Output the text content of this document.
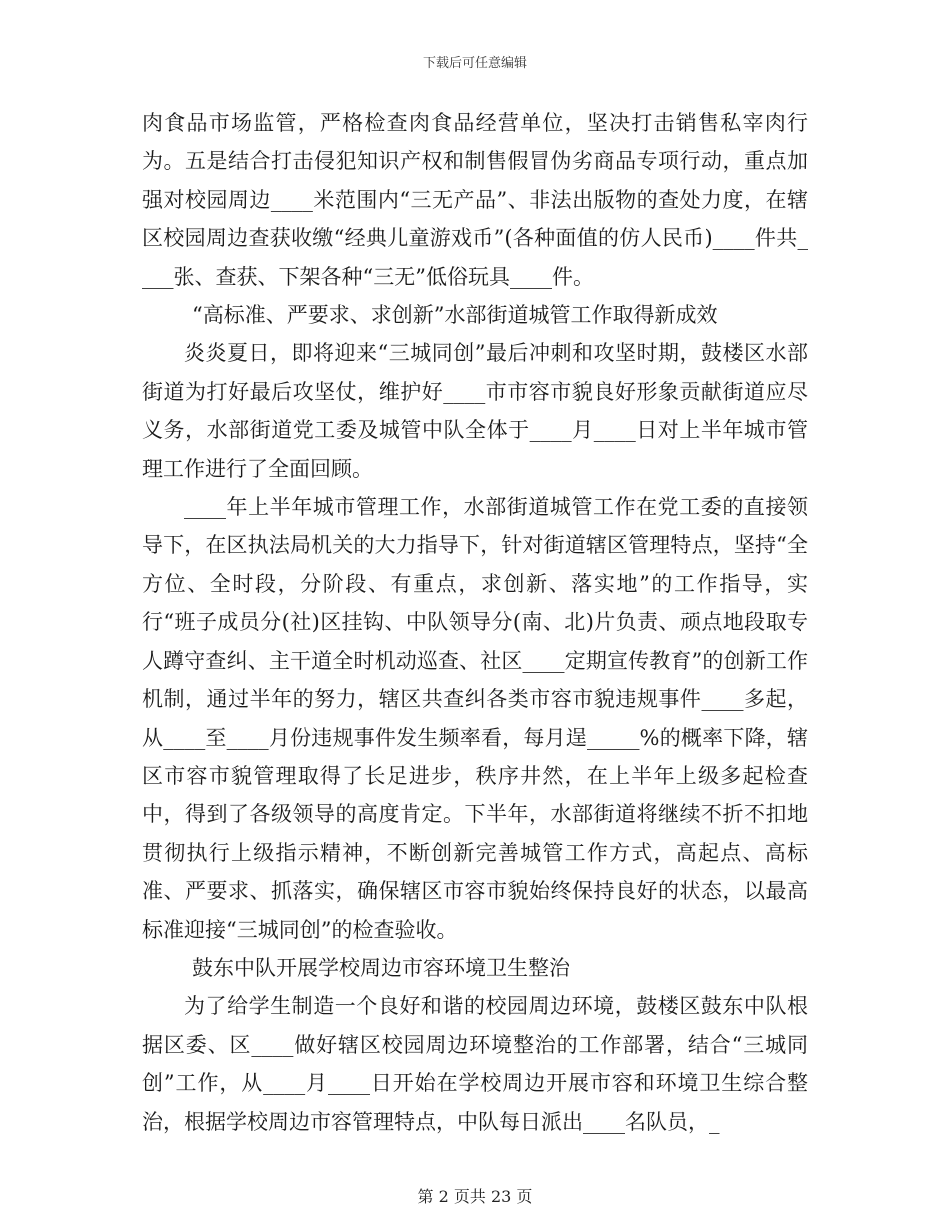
下载后可任意编辑

肉食品市场监管，严格检查肉食品经营单位，坚决打击销售私宰肉行为。五是结合打击侵犯知识产权和制售假冒伪劣商品专项行动，重点加强对校园周边____米范围内“三无产品”、非法出版物的查处力度，在辖区校园周边查获收缴“经典儿童游戏币”(各种面值的仿人民币)____件共____张、查获、下架各种“三无”低俗玩具____件。

“高标准、严要求、求创新”水部街道城管工作取得新成效

炎炎夏日，即将迎来“三城同创”最后冲刺和攻坚时期，鼓楼区水部街道为打好最后攻坚仗，维护好____市市容市貌良好形象贡献街道应尽义务，水部街道党工委及城管中队全体于____月____日对上半年城市管理工作进行了全面回顾。

____年上半年城市管理工作，水部街道城管工作在党工委的直接领导下，在区执法局机关的大力指导下，针对街道辖区管理特点，坚持“全方位、全时段，分阶段、有重点，求创新、落实地”的工作指导，实行“班子成员分(社)区挂钩、中队领导分(南、北)片负责、顽点地段取专人蹲守查纠、主干道全时机动巡查、社区____定期宣传教育”的创新工作机制，通过半年的努力，辖区共查纠各类市容市貌违规事件____多起，从____至____月份违规事件发生频率看，每月逞_____%的概率下降，辖区市容市貌管理取得了长足进步，秩序井然，在上半年上级多起检查中，得到了各级领导的高度肯定。下半年，水部街道将继续不折不扣地贯彻执行上级指示精神，不断创新完善城管工作方式，高起点、高标准、严要求、抓落实，确保辖区市容市貌始终保持良好的状态，以最高标准迎接“三城同创”的检查验收。

鼓东中队开展学校周边市容环境卫生整治

为了给学生制造一个良好和谐的校园周边环境，鼓楼区鼓东中队根据区委、区____做好辖区校园周边环境整治的工作部署，结合“三城同创”工作，从____月____日开始在学校周边开展市容和环境卫生综合整治，根据学校周边市容管理特点，中队每日派出____名队员，_

第 2 页共 23 页
